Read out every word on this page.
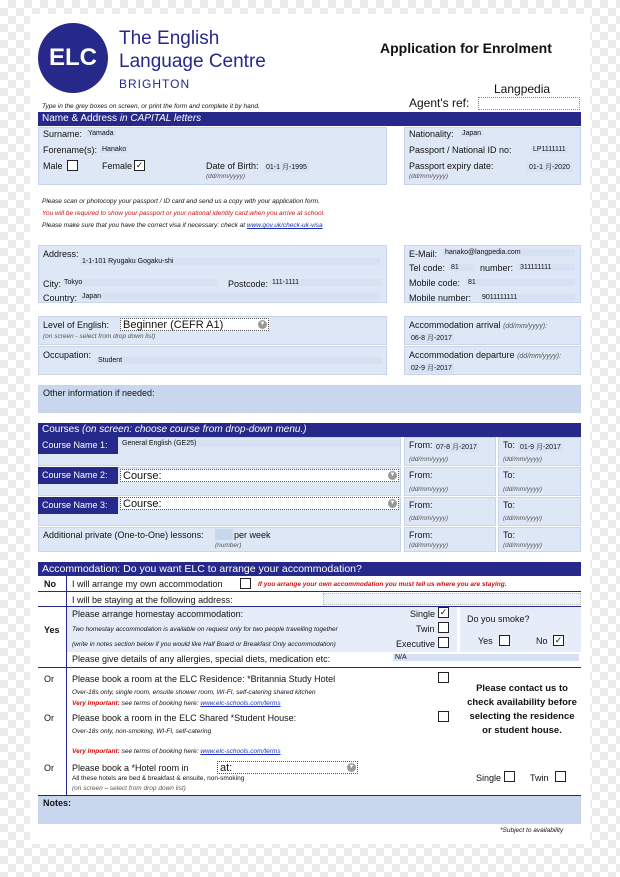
ELC
The English
Language Centre
BRIGHTON
Application for Enrolment
Langpedia
Agent's ref:
Type in the grey boxes on screen, or print the form and complete it by hand.
Name & Address in CAPITAL letters
Surname: Yamada
Forename(s): Hanako
Male	Female ✓	Date of Birth: 01-1 月-1995
(dd/mm/yyyy)
Nationality: Japan
Passport / National ID no:	LP1111111
Passport expiry date:	01-1 月-2020
(dd/mm/yyyy)
Please scan or photocopy your passport / ID card and send us a copy with your application form.
You will be required to show your passport or your national identity card when you arrive at school.
Please make sure that you have the correct visa if necessary: check at www.gov.uk/check-uk-visa
Address:
1-1-101 Ryugaku Gogaku-shi
City: Tokyo	Postcode: 111-1111
Country: Japan
E-Mail: hanako@langpedia.com
Tel code: 81	number: 311111111
Mobile code: 81
Mobile number: 9011111111
Level of English: Beginner (CEFR A1)	▼
(on screen - select from drop down list)
Accommodation arrival (dd/mm/yyyy):
06-8 月-2017
Occupation:
Student
Accommodation departure (dd/mm/yyyy):
02-9 月-2017
Other information if needed:
Courses (on screen: choose course from drop-down menu.)
Course Name 1:	General English (GE25)	From: 07-8 月-2017
(dd/mm/yyyy)
To: 01-9 月-2017
(dd/mm/yyyy)
Course Name 2:	Course:	▼ From:
(dd/mm/yyyy)
To:
(dd/mm/yyyy)
Course Name 3:	Course:	▼ From:
(dd/mm/yyyy)
To:
(dd/mm/yyyy)
Additional private (One-to-One) lessons:	per week
(number)
From:
(dd/mm/yyyy)
To:
(dd/mm/yyyy)
Accommodation: Do you want ELC to arrange your accommodation?
No I will arrange my own accommodation	If you arrange your own accommodation you must tell us where you are staying.
I will be staying at the following address:
Yes
Please arrange homestay accommodation:
Two homestay accommodation is available on request only for two people travelling together
(write in notes section below if you would like Half Board or Breakfast Only accommodation)
Single ✓
Twin
Executive
Do you smoke?
Yes	No ✓
Please give details of any allergies, special diets, medication etc:	N/A
Or Please book a room at the ELC Residence: *Britannia Study Hotel
Over-18s only, single room, ensuite shower room, WI-FI, self-catering shared kitchen
Very Important: see terms of booking here: www.elc-schools.com/terms
Or Please book a room in the ELC Shared *Student House:
Over-18s only, non-smoking, WI-FI, self-catering
Very Important: see terms of booking here: www.elc-schools.com/terms
Please contact us to check availability before selecting the residence or student house.
Or Please book a *Hotel room in	at:	▼
All these hotels are bed & breakfast & ensuite, non-smoking
(on screen – select from drop down list)
Single	Twin
Notes:
*Subject to availability
